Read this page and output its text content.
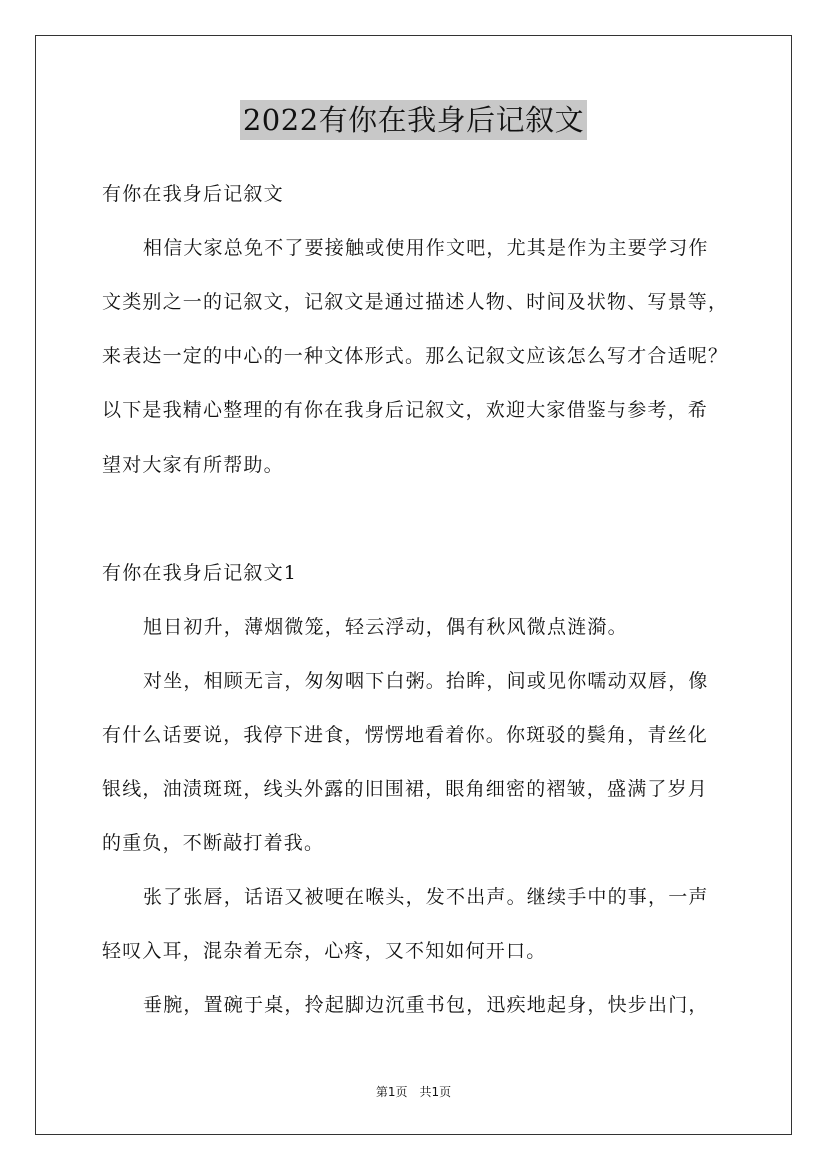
2022有你在我身后记叙文
有你在我身后记叙文
相信大家总免不了要接触或使用作文吧，尤其是作为主要学习作
文类别之一的记叙文，记叙文是通过描述人物、时间及状物、写景等，
来表达一定的中心的一种文体形式。那么记叙文应该怎么写才合适呢？
以下是我精心整理的有你在我身后记叙文，欢迎大家借鉴与参考，希
望对大家有所帮助。
有你在我身后记叙文1
旭日初升，薄烟微笼，轻云浮动，偶有秋风微点涟漪。
对坐，相顾无言，匆匆咽下白粥。抬眸，间或见你嚅动双唇，像
有什么话要说，我停下进食，愣愣地看着你。你斑驳的鬓角，青丝化
银线，油渍斑斑，线头外露的旧围裙，眼角细密的褶皱，盛满了岁月
的重负，不断敲打着我。
张了张唇，话语又被哽在喉头，发不出声。继续手中的事，一声
轻叹入耳，混杂着无奈，心疼，又不知如何开口。
垂腕，置碗于桌，拎起脚边沉重书包，迅疾地起身，快步出门，
第1页 共1页
